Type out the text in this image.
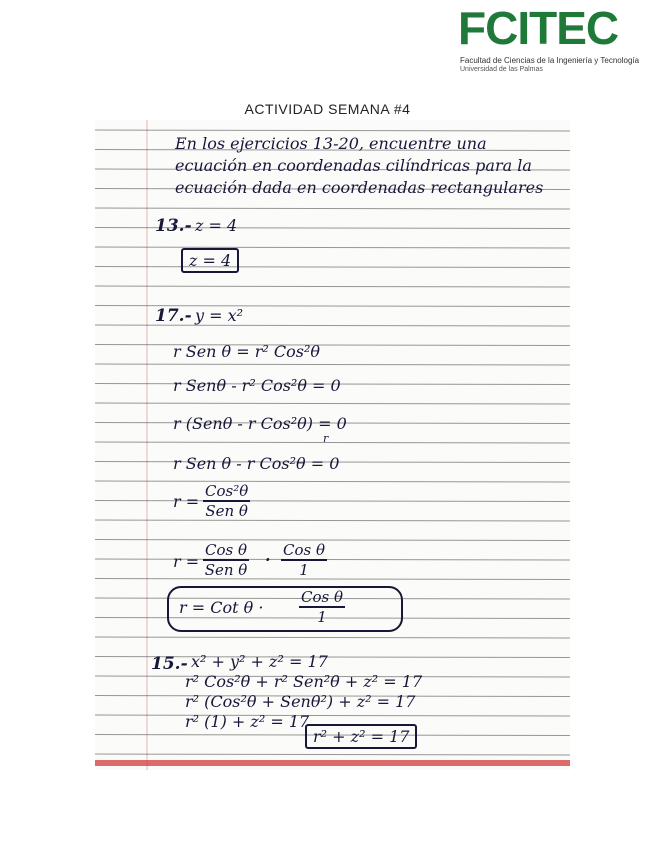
FCITEC
Facultad de Ciencias de la Ingeniería y Tecnología
Universidad de las Palmas
ACTIVIDAD SEMANA #4
En los ejercicios 13-20, encuentre una
ecuación en coordenadas cilíndricas para la
ecuación dada en coordenadas rectangulares
13.- z = 4
z = 4
17.- y = x²
r Sen θ = r² Cos²θ
r Senθ - r² Cos²θ = 0
r (Senθ - r Cos²θ) = 0
r
r Sen θ - r Cos²θ = 0
r =
Cos²θ
Sen θ
r =
Cos θ
Sen θ
· Cos θ
1
r = Cot θ ·
Cos θ
1
15.- x² + y² + z² = 17
r² Cos²θ + r² Sen²θ + z² = 17
r² (Cos²θ + Senθ²) + z² = 17
r² (1) + z² = 17
r² + z² = 17
